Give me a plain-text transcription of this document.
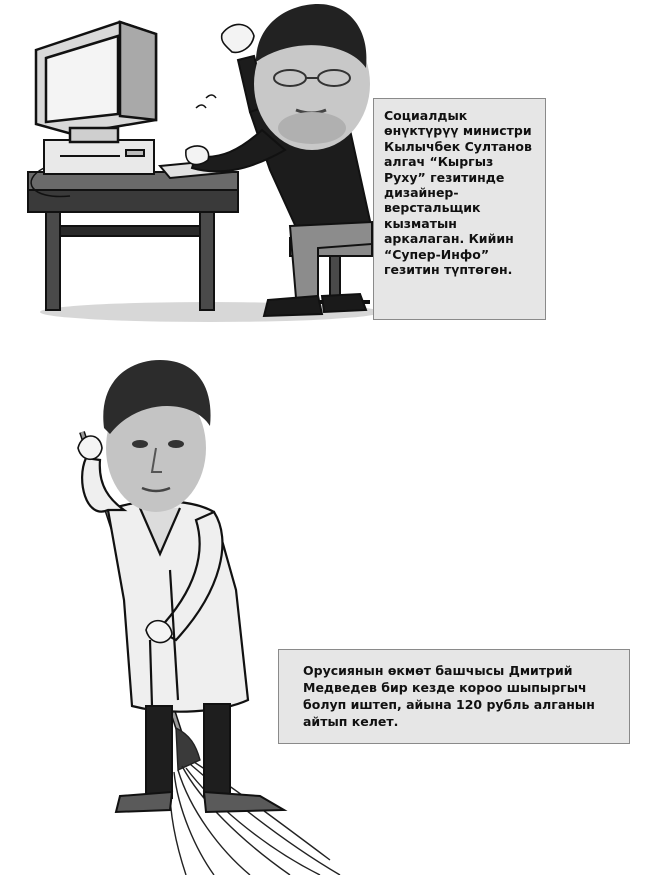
Социалдык
өнүктүрүү министри
Кылычбек Султанов
алгач “Кыргыз
Руху” гезитинде
дизайнер-
верстальщик
кызматын
аркалаган. Кийин
“Супер-Инфо”
гезитин түптөгөн.

Орусиянын өкмөт башчысы Дмитрий
Медведев бир кезде короо шыпыргыч
болуп иштеп, айына 120 рубль алганын
айтып келет.
